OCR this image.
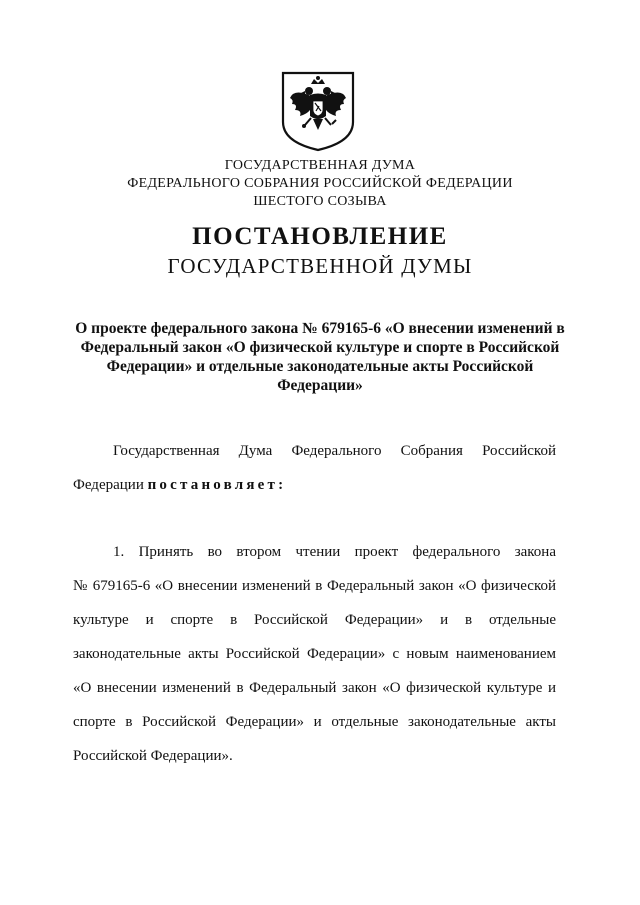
ГОСУДАРСТВЕННАЯ ДУМА
ФЕДЕРАЛЬНОГО СОБРАНИЯ РОССИЙСКОЙ ФЕДЕРАЦИИ
ШЕСТОГО СОЗЫВА
ПОСТАНОВЛЕНИЕ
ГОСУДАРСТВЕННОЙ ДУМЫ
О проекте федерального закона № 679165-6 «О внесении изменений в
Федеральный закон «О физической культуре и спорте в Российской
Федерации» и отдельные законодательные акты Российской
Федерации»
Государственная Дума Федерального Собрания Российской
Федерации постановляет:
1. Принять во втором чтении проект федерального закона
№ 679165-6 «О внесении изменений в Федеральный закон «О физической
культуре и спорте в Российской Федерации» и в отдельные
законодательные акты Российской Федерации» с новым наименованием
«О внесении изменений в Федеральный закон «О физической культуре и
спорте в Российской Федерации» и отдельные законодательные акты
Российской Федерации».
